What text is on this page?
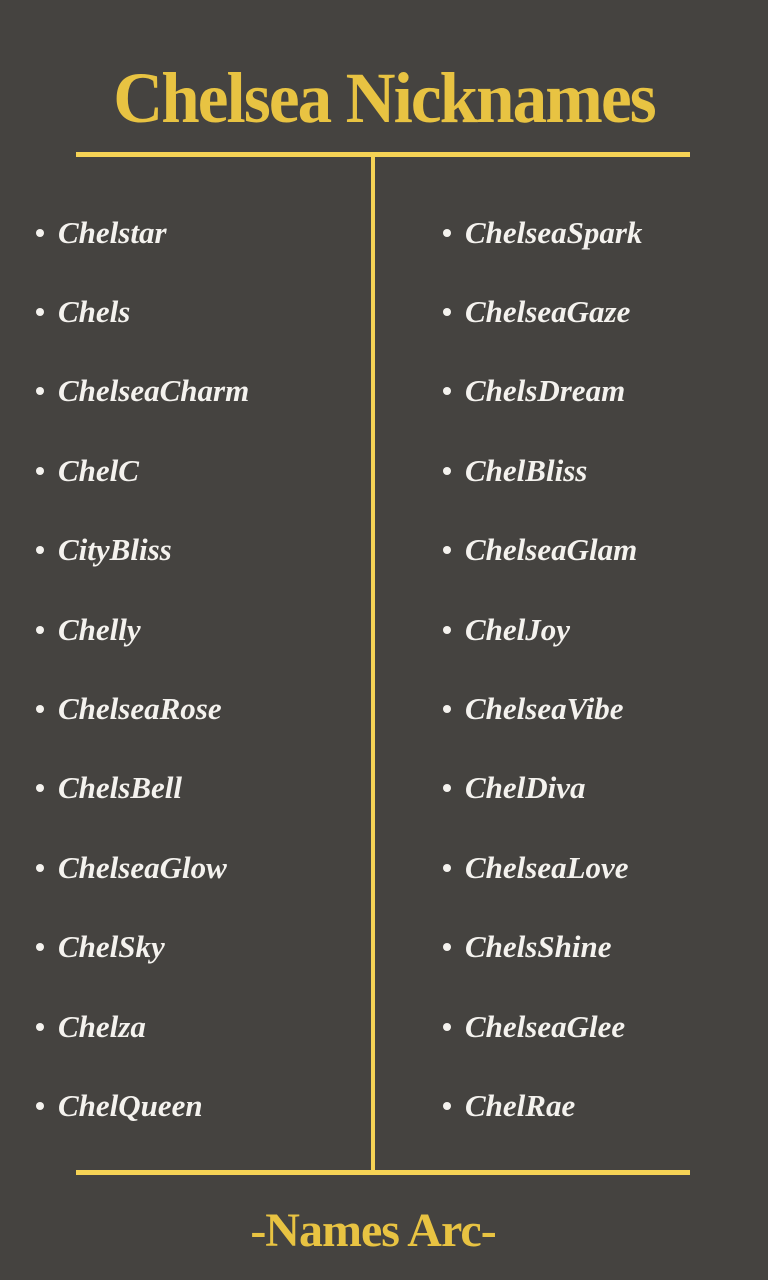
Chelsea Nicknames
Chelstar
Chels
ChelseaCharm
ChelC
CityBliss
Chelly
ChelseaRose
ChelsBell
ChelseaGlow
ChelSky
Chelza
ChelQueen
ChelseaSpark
ChelseaGaze
ChelsDream
ChelBliss
ChelseaGlam
ChelJoy
ChelseaVibe
ChelDiva
ChelseaLove
ChelsShine
ChelseaGlee
ChelRae
-Names Arc-
